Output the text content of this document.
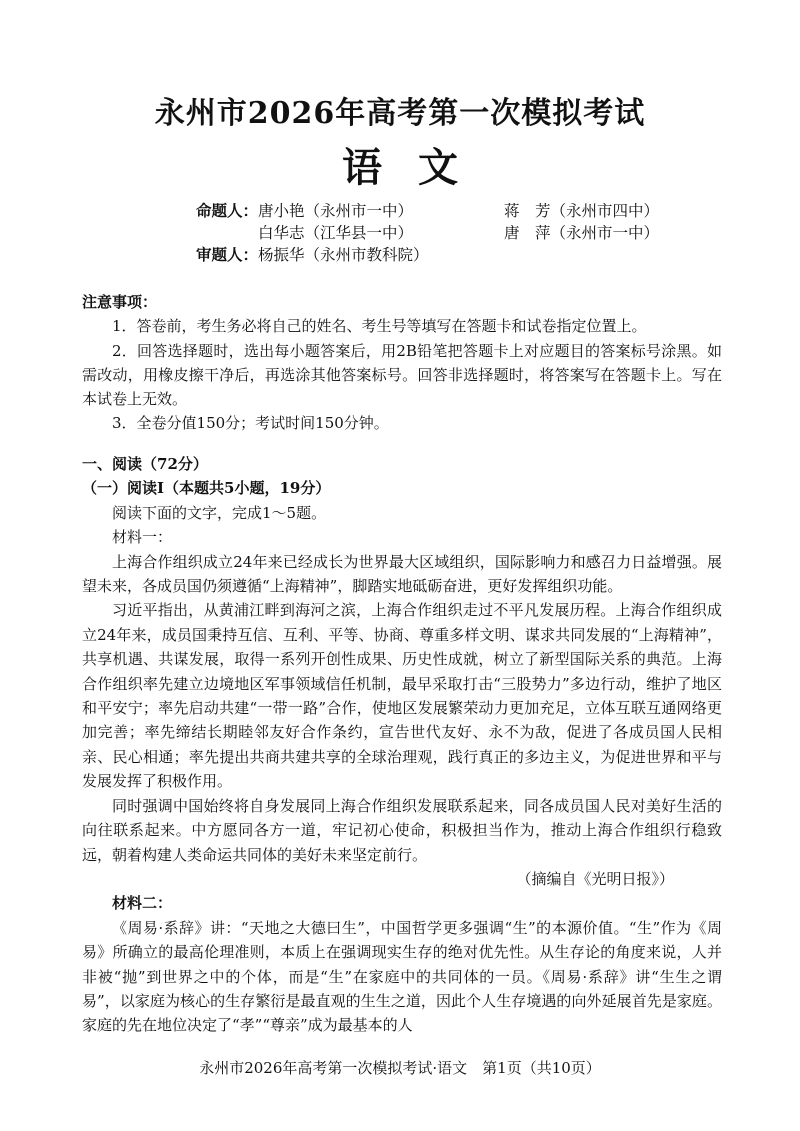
永州市2026年高考第一次模拟考试
语文
命题人：唐小艳（永州市一中）	蒋　芳（永州市四中）
白华志（江华县一中）	唐　萍（永州市一中）
审题人：杨振华（永州市教科院）
注意事项：
1．答卷前，考生务必将自己的姓名、考生号等填写在答题卡和试卷指定位置上。
2．回答选择题时，选出每小题答案后，用2B铅笔把答题卡上对应题目的答案标号涂黑。如需改动，用橡皮擦干净后，再选涂其他答案标号。回答非选择题时，将答案写在答题卡上。写在本试卷上无效。
3．全卷分值150分；考试时间150分钟。
一、阅读（72分）
（一）阅读Ⅰ（本题共5小题，19分）
阅读下面的文字，完成1～5题。
材料一：

上海合作组织成立24年来已经成长为世界最大区域组织，国际影响力和感召力日益增强。展望未来，各成员国仍须遵循“上海精神”，脚踏实地砥砺奋进，更好发挥组织功能。

习近平指出，从黄浦江畔到海河之滨，上海合作组织走过不平凡发展历程。上海合作组织成立24年来，成员国秉持互信、互利、平等、协商、尊重多样文明、谋求共同发展的“上海精神”，共享机遇、共谋发展，取得一系列开创性成果、历史性成就，树立了新型国际关系的典范。上海合作组织率先建立边境地区军事领域信任机制，最早采取打击“三股势力”多边行动，维护了地区和平安宁；率先启动共建“一带一路”合作，使地区发展繁荣动力更加充足，立体互联互通网络更加完善；率先缔结长期睦邻友好合作条约，宣告世代友好、永不为敌，促进了各成员国人民相亲、民心相通；率先提出共商共建共享的全球治理观，践行真正的多边主义，为促进世界和平与发展发挥了积极作用。

同时强调中国始终将自身发展同上海合作组织发展联系起来，同各成员国人民对美好生活的向往联系起来。中方愿同各方一道，牢记初心使命，积极担当作为，推动上海合作组织行稳致远，朝着构建人类命运共同体的美好未来坚定前行。

（摘编自《光明日报》）
材料二：

《周易·系辞》讲：“天地之大德曰生”，中国哲学更多强调“生”的本源价值。“生”作为《周易》所确立的最高伦理准则，本质上在强调现实生存的绝对优先性。从生存论的角度来说，人并非被“抛”到世界之中的个体，而是“生”在家庭中的共同体的一员。《周易·系辞》讲“生生之谓易”，以家庭为核心的生存繁衍是最直观的生生之道，因此个人生存境遇的向外延展首先是家庭。家庭的先在地位决定了“孝”“尊亲”成为最基本的人

永州市2026年高考第一次模拟考试·语文　第1页（共10页）
